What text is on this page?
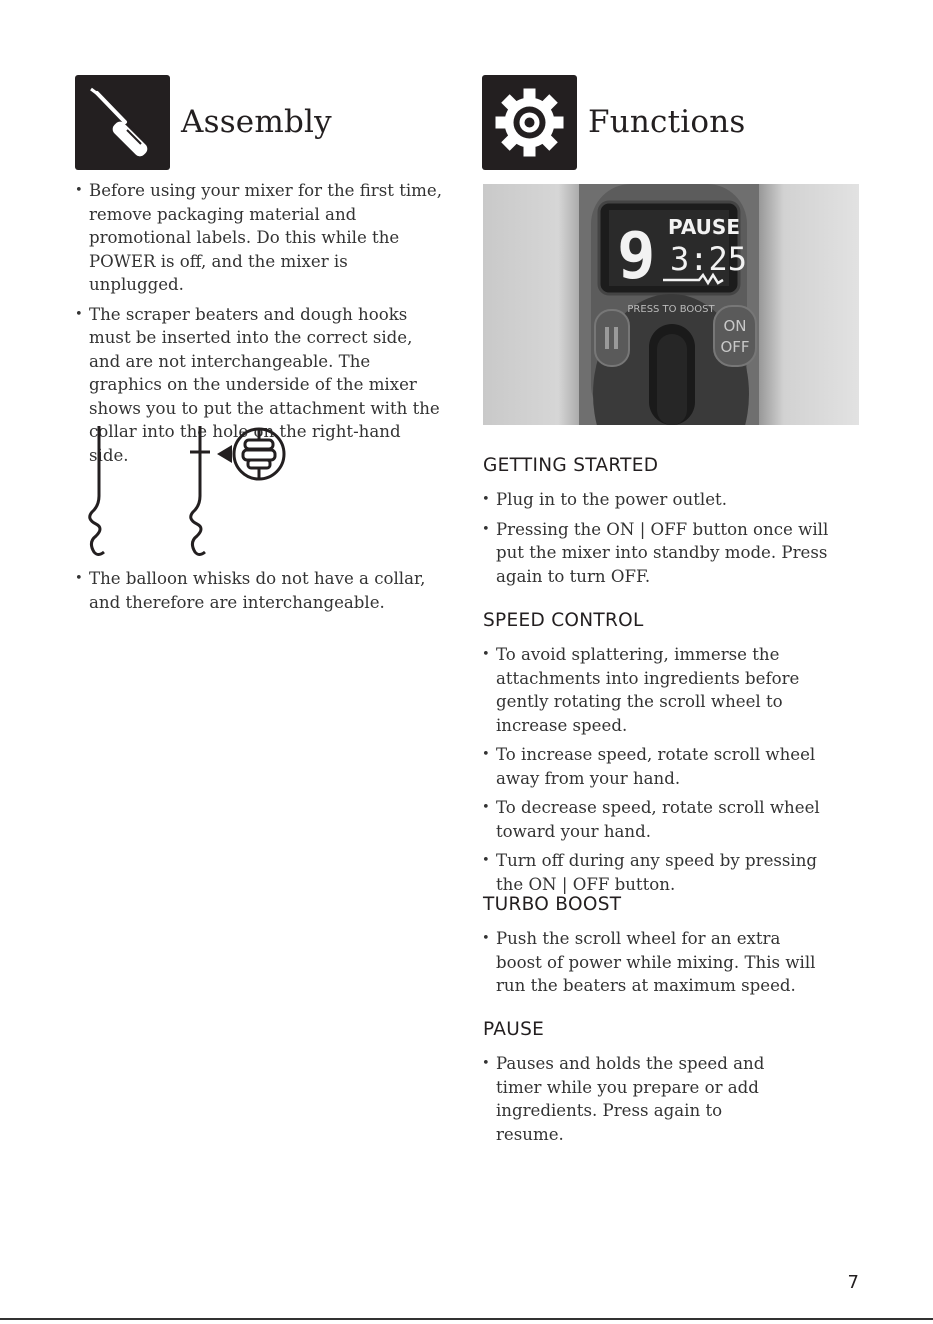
Assembly
• Before using your mixer for the first time, remove packaging material and promotional labels. Do this while the POWER is off, and the mixer is unplugged.
• The scraper beaters and dough hooks must be inserted into the correct side, and are not interchangeable. The graphics on the underside of the mixer shows you to put the attachment with the collar into the hole on the right-hand side.
• The balloon whisks do not have a collar, and therefore are interchangeable.
Functions
9 PAUSE
3:25
PRESS TO BOOST
ON
OFF
GETTING STARTED
• Plug in to the power outlet.
• Pressing the ON | OFF button once will put the mixer into standby mode. Press again to turn OFF.
SPEED CONTROL
• To avoid splattering, immerse the attachments into ingredients before gently rotating the scroll wheel to increase speed.
• To increase speed, rotate scroll wheel away from your hand.
• To decrease speed, rotate scroll wheel toward your hand.
• Turn off during any speed by pressing the ON | OFF button.
TURBO BOOST
• Push the scroll wheel for an extra boost of power while mixing. This will run the beaters at maximum speed.
PAUSE
• Pauses and holds the speed and timer while you prepare or add ingredients. Press again to resume.
7
